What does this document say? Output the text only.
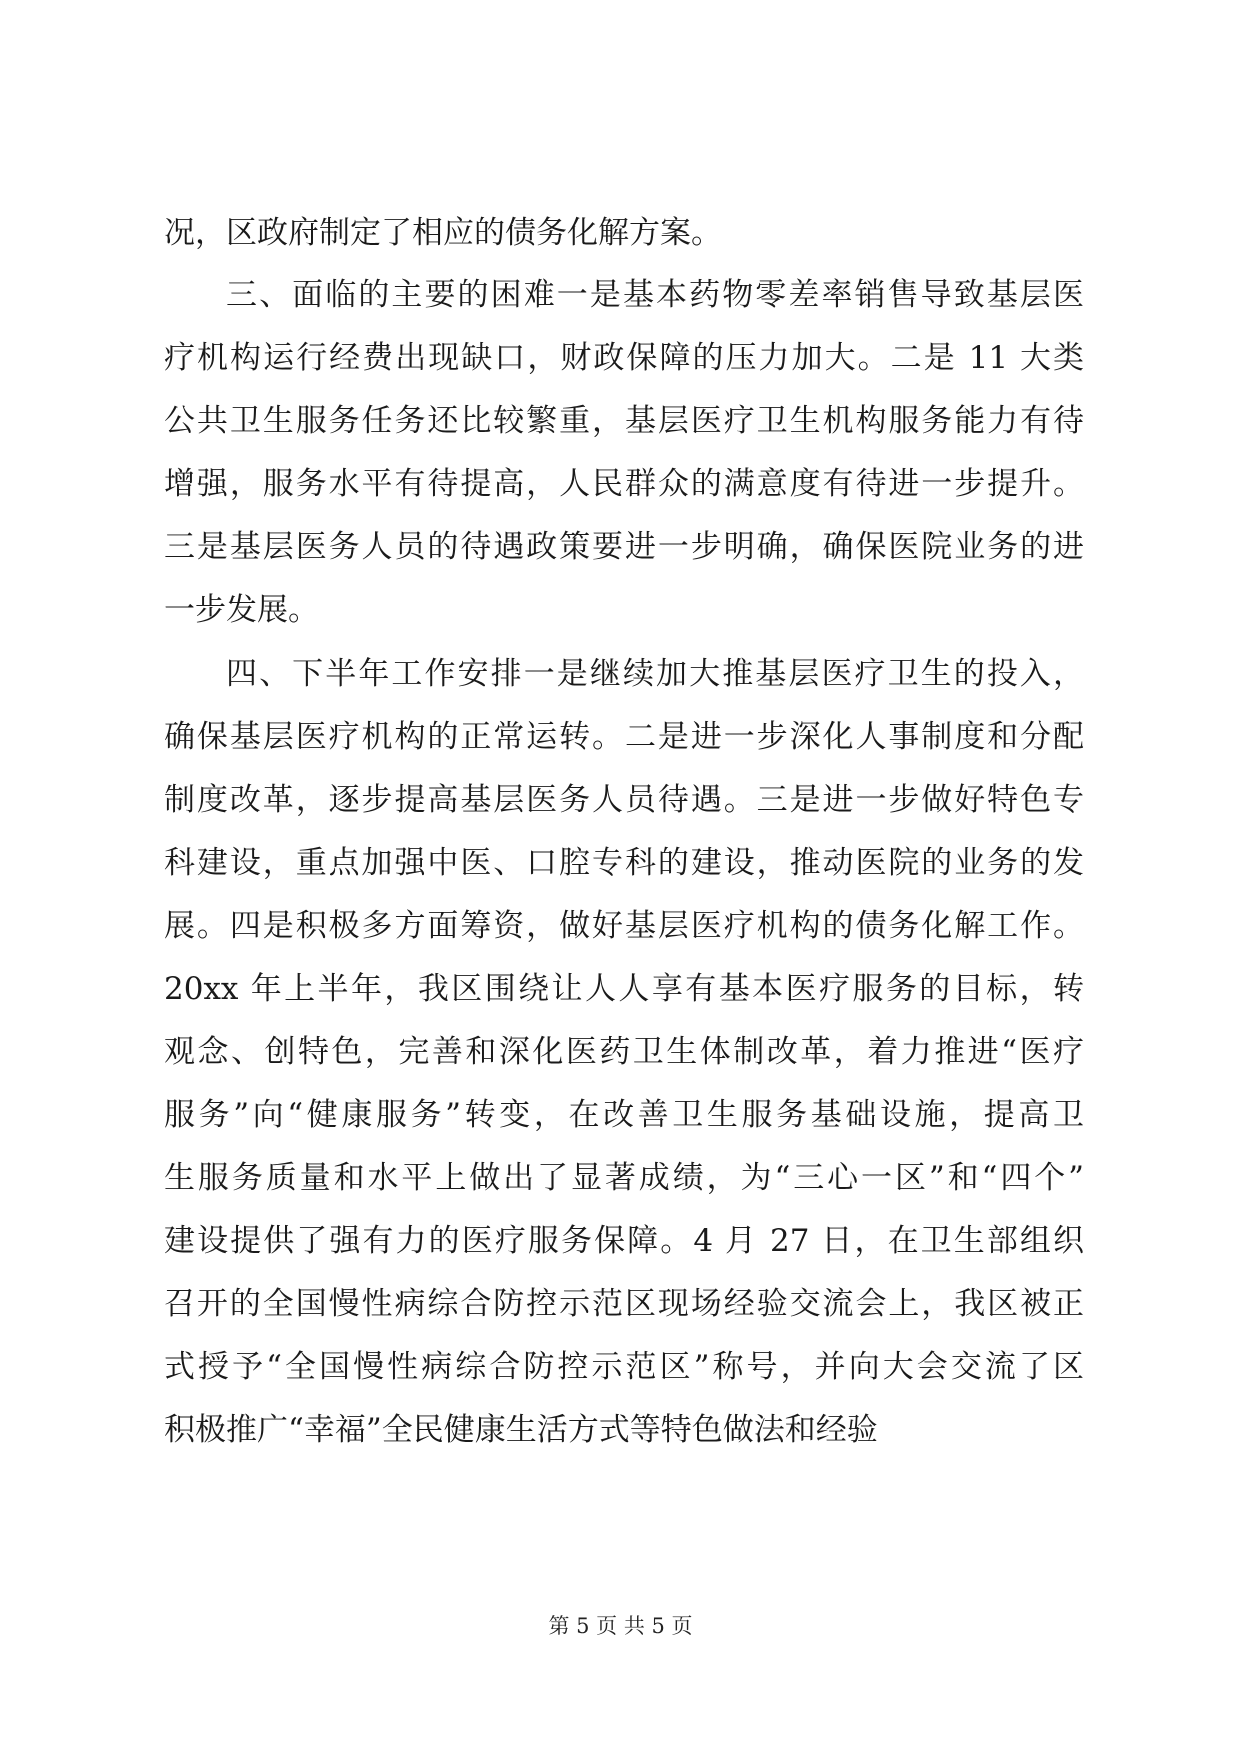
况，区政府制定了相应的债务化解方案。
三、面临的主要的困难一是基本药物零差率销售导致基层医
疗机构运行经费出现缺口，财政保障的压力加大。二是 11 大类
公共卫生服务任务还比较繁重，基层医疗卫生机构服务能力有待
增强，服务水平有待提高，人民群众的满意度有待进一步提升。
三是基层医务人员的待遇政策要进一步明确，确保医院业务的进
一步发展。
四、下半年工作安排一是继续加大推基层医疗卫生的投入，
确保基层医疗机构的正常运转。二是进一步深化人事制度和分配
制度改革，逐步提高基层医务人员待遇。三是进一步做好特色专
科建设，重点加强中医、口腔专科的建设，推动医院的业务的发
展。四是积极多方面筹资，做好基层医疗机构的债务化解工作。
20xx 年上半年，我区围绕让人人享有基本医疗服务的目标，转
观念、创特色，完善和深化医药卫生体制改革，着力推进“医疗
服务”向“健康服务”转变，在改善卫生服务基础设施，提高卫
生服务质量和水平上做出了显著成绩，为“三心一区”和“四个”
建设提供了强有力的医疗服务保障。4 月 27 日，在卫生部组织
召开的全国慢性病综合防控示范区现场经验交流会上，我区被正
式授予“全国慢性病综合防控示范区”称号，并向大会交流了区
积极推广“幸福”全民健康生活方式等特色做法和经验
第 5 页 共 5 页
